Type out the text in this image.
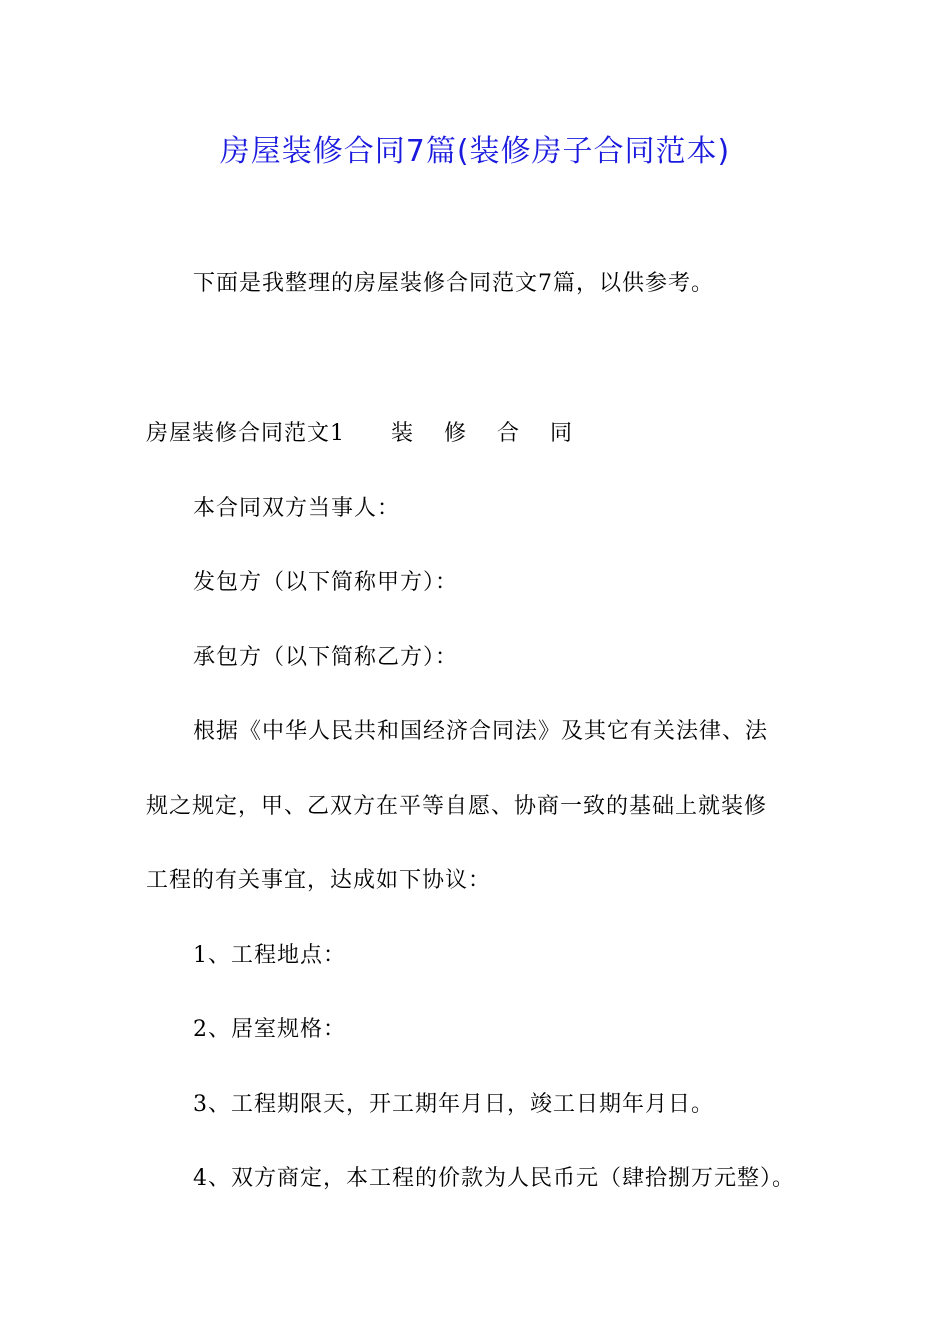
房屋装修合同7篇(装修房子合同范本)
下面是我整理的房屋装修合同范文7篇，以供参考。
房屋装修合同范文1 装 修 合 同
本合同双方当事人：
发包方（以下简称甲方）：
承包方（以下简称乙方）：
根据《中华人民共和国经济合同法》及其它有关法律、法
规之规定，甲、乙双方在平等自愿、协商一致的基础上就装修
工程的有关事宜，达成如下协议：
1、工程地点：
2、居室规格：
3、工程期限天，开工期年月日，竣工日期年月日。
4、双方商定，本工程的价款为人民币元（肆拾捌万元整）。
